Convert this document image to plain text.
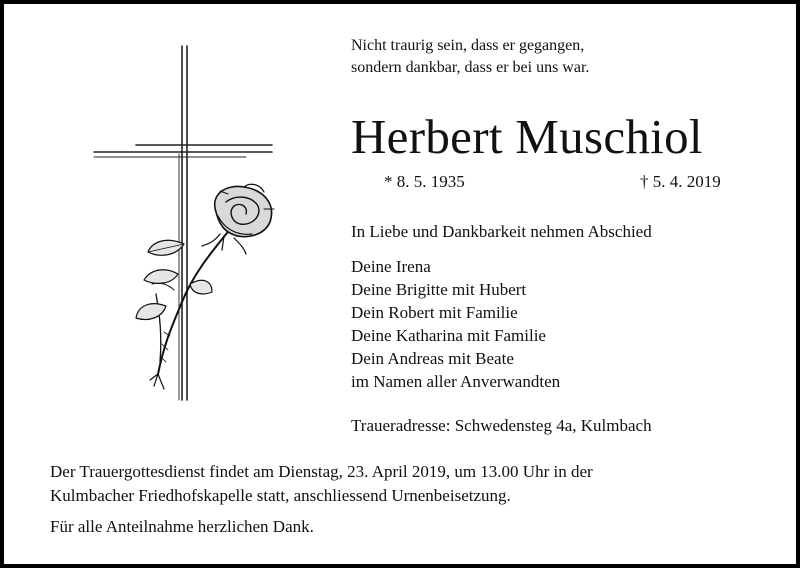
Nicht traurig sein, dass er gegangen,
sondern dankbar, dass er bei uns war.
Herbert Muschiol
* 8. 5. 1935	† 5. 4. 2019
In Liebe und Dankbarkeit nehmen Abschied
Deine Irena
Deine Brigitte mit Hubert
Dein Robert mit Familie
Deine Katharina mit Familie
Dein Andreas mit Beate
im Namen aller Anverwandten
Traueradresse: Schwedensteg 4a, Kulmbach
Der Trauergottesdienst findet am Dienstag, 23. April 2019, um 13.00 Uhr in der
Kulmbacher Friedhofskapelle statt, anschliessend Urnenbeisetzung.
Für alle Anteilnahme herzlichen Dank.
